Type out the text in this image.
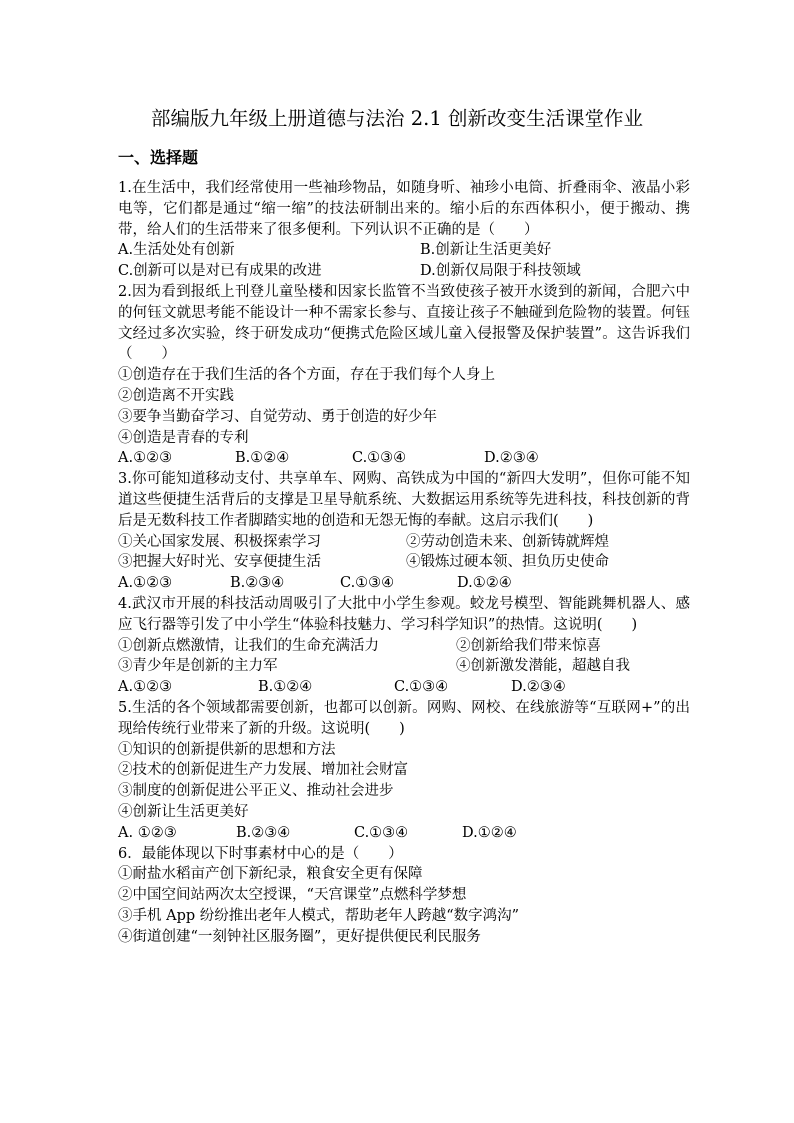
部编版九年级上册道德与法治 2.1 创新改变生活课堂作业
一、选择题
1.在生活中，我们经常使用一些袖珍物品，如随身听、袖珍小电筒、折叠雨伞、液晶小彩电等，它们都是通过“缩一缩”的技法研制出来的。缩小后的东西体积小，便于搬动、携带，给人们的生活带来了很多便利。下列认识不正确的是（　　）
A.生活处处有创新	B.创新让生活更美好
C.创新可以是对已有成果的改进	D.创新仅局限于科技领域
2.因为看到报纸上刊登儿童坠楼和因家长监管不当致使孩子被开水烫到的新闻，合肥六中的何钰文就思考能不能设计一种不需家长参与、直接让孩子不触碰到危险物的装置。何钰文经过多次实验，终于研发成功“便携式危险区域儿童入侵报警及保护装置”。这告诉我们（　　）
①创造存在于我们生活的各个方面，存在于我们每个人身上
②创造离不开实践
③要争当勤奋学习、自觉劳动、勇于创造的好少年
④创造是青春的专利
A.①②③	B.①②④	C.①③④	D.②③④
3.你可能知道移动支付、共享单车、网购、高铁成为中国的“新四大发明”，但你可能不知道这些便捷生活背后的支撑是卫星导航系统、大数据运用系统等先进科技，科技创新的背后是无数科技工作者脚踏实地的创造和无怨无悔的奉献。这启示我们(　　)
①关心国家发展、积极探索学习	②劳动创造未来、创新铸就辉煌
③把握大好时光、安享便捷生活	④锻炼过硬本领、担负历史使命
A.①②③	B.②③④	C.①③④	D.①②④
4.武汉市开展的科技活动周吸引了大批中小学生参观。蛟龙号模型、智能跳舞机器人、感应飞行器等引发了中小学生“体验科技魅力、学习科学知识”的热情。这说明(　　)
①创新点燃激情，让我们的生命充满活力	②创新给我们带来惊喜
③青少年是创新的主力军	④创新激发潜能，超越自我
A.①②③	B.①②④	C.①③④	D.②③④
5.生活的各个领域都需要创新，也都可以创新。网购、网校、在线旅游等“互联网+”的出现给传统行业带来了新的升级。这说明(　　)
①知识的创新提供新的思想和方法
②技术的创新促进生产力发展、增加社会财富
③制度的创新促进公平正义、推动社会进步
④创新让生活更美好
A. ①②③	B.②③④	C.①③④	D.①②④
6．最能体现以下时事素材中心的是（　　）
①耐盐水稻亩产创下新纪录，粮食安全更有保障
②中国空间站两次太空授课，“天宫课堂”点燃科学梦想
③手机 App 纷纷推出老年人模式，帮助老年人跨越“数字鸿沟”
④街道创建“一刻钟社区服务圈”，更好提供便民利民服务
